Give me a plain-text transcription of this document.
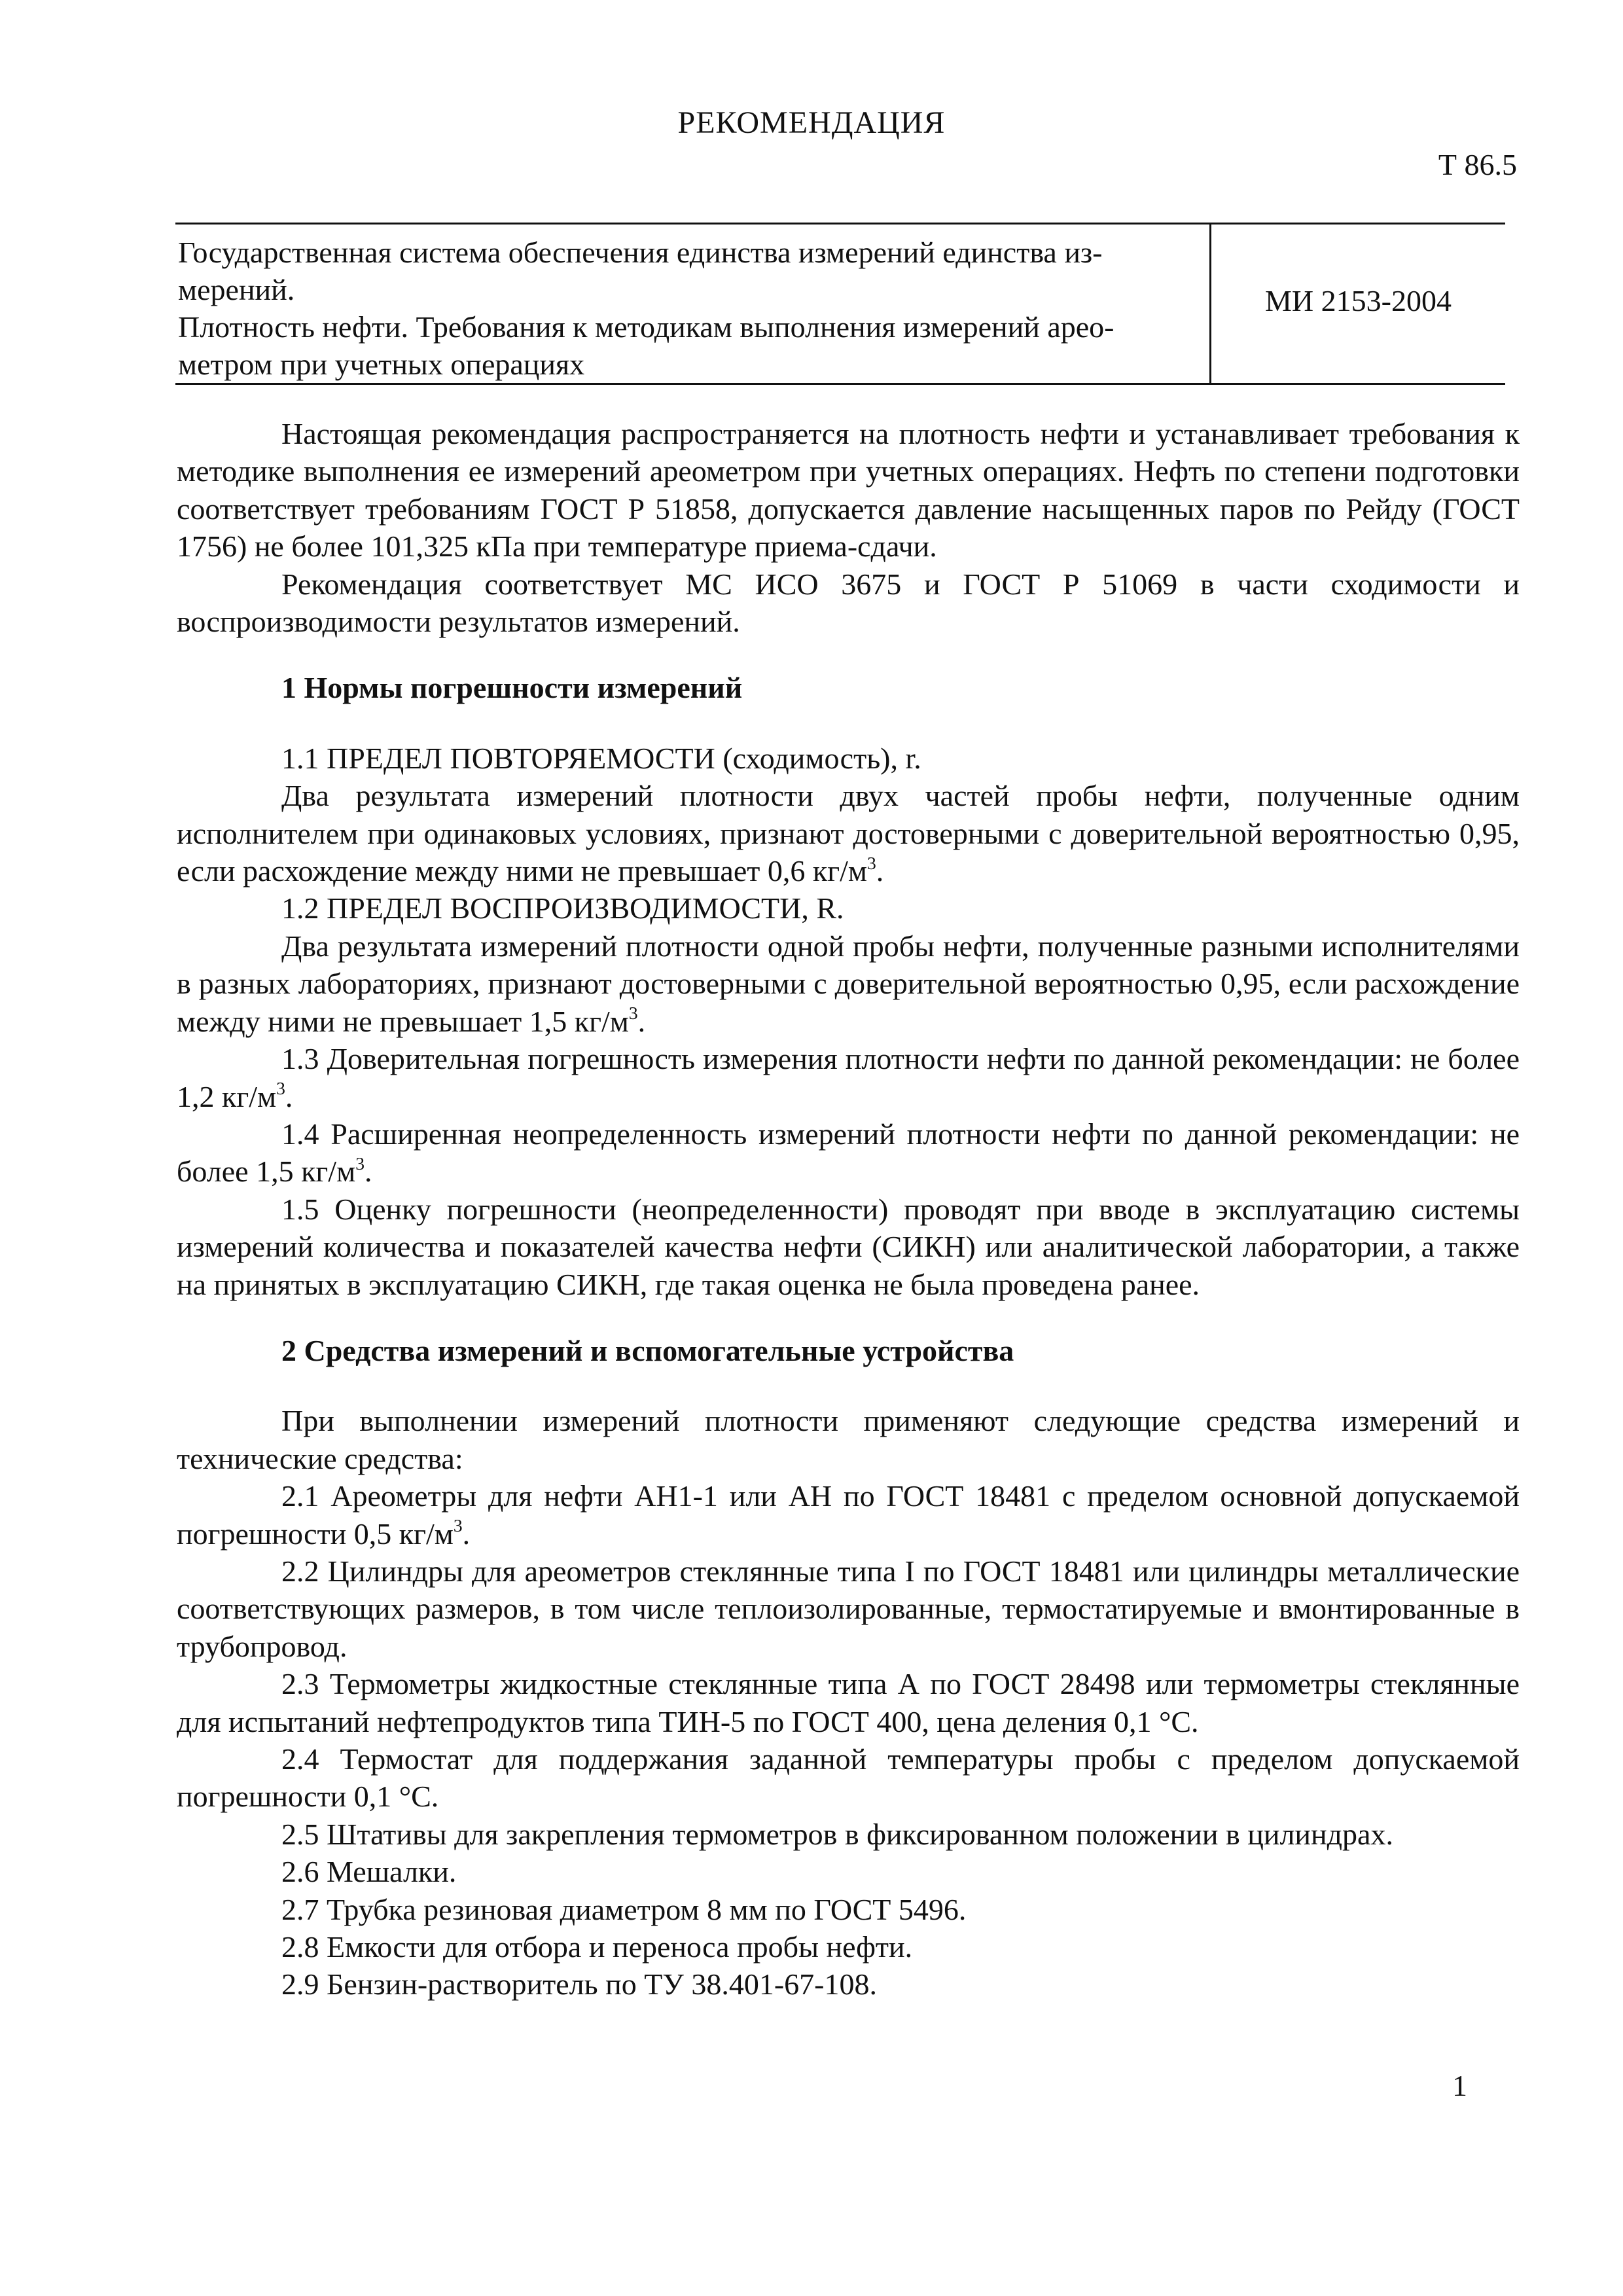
РЕКОМЕНДАЦИЯ
Т 86.5

Государственная система обеспечения единства измерений единства из-

мерений.

Плотность нефти. Требования к методикам выполнения измерений арео-

метром при учетных операциях

МИ 2153-2004

Настоящая рекомендация распространяется на плотность нефти и устанавливает требования к методике выполнения ее измерений ареометром при учетных операциях. Нефть по степени подготовки соответствует требованиям ГОСТ Р 51858, допускается давление насыщенных паров по Рейду (ГОСТ 1756) не более 101,325 кПа при температуре приема-сдачи.

Рекомендация соответствует МС ИСО 3675 и ГОСТ Р 51069 в части сходимости и воспроизводимости результатов измерений.

1 Нормы погрешности измерений

1.1 ПРЕДЕЛ ПОВТОРЯЕМОСТИ (сходимость), r.

Два результата измерений плотности двух частей пробы нефти, полученные одним исполнителем при одинаковых условиях, признают достоверными с доверительной вероятностью 0,95, если расхождение между ними не превышает 0,6 $кг/м^3$.

1.2 ПРЕДЕЛ ВОСПРОИЗВОДИМОСТИ, R.

Два результата измерений плотности одной пробы нефти, полученные разными исполнителями в разных лабораториях, признают достоверными с доверительной вероятностью 0,95, если расхождение между ними не превышает 1,5 $кг/м^3$.

1.3 Доверительная погрешность измерения плотности нефти по данной рекомендации: не более 1,2 $кг/м^3$.

1.4 Расширенная неопределенность измерений плотности нефти по данной рекомендации: не более 1,5 $кг/м^3$.

1.5 Оценку погрешности (неопределенности) проводят при вводе в эксплуатацию системы измерений количества и показателей качества нефти (СИКН) или аналитической лаборатории, а также на принятых в эксплуатацию СИКН, где такая оценка не была проведена ранее.

2 Средства измерений и вспомогательные устройства

При выполнении измерений плотности применяют следующие средства измерений и технические средства:

2.1 Ареометры для нефти АН1-1 или АН по ГОСТ 18481 с пределом основной допускаемой погрешности 0,5 $кг/м^3$.

2.2 Цилиндры для ареометров стеклянные типа I по ГОСТ 18481 или цилиндры металлические соответствующих размеров, в том числе теплоизолированные, термостатируемые и вмонтированные в трубопровод.

2.3 Термометры жидкостные стеклянные типа А по ГОСТ 28498 или термометры стеклянные для испытаний нефтепродуктов типа ТИН-5 по ГОСТ 400, цена деления 0,1 °С.

2.4 Термостат для поддержания заданной температуры пробы с пределом допускаемой погрешности 0,1 °С.

2.5 Штативы для закрепления термометров в фиксированном положении в цилиндрах.

2.6 Мешалки.

2.7 Трубка резиновая диаметром 8 мм по ГОСТ 5496.

2.8 Емкости для отбора и переноса пробы нефти.

2.9 Бензин-растворитель по ТУ 38.401-67-108.

1
